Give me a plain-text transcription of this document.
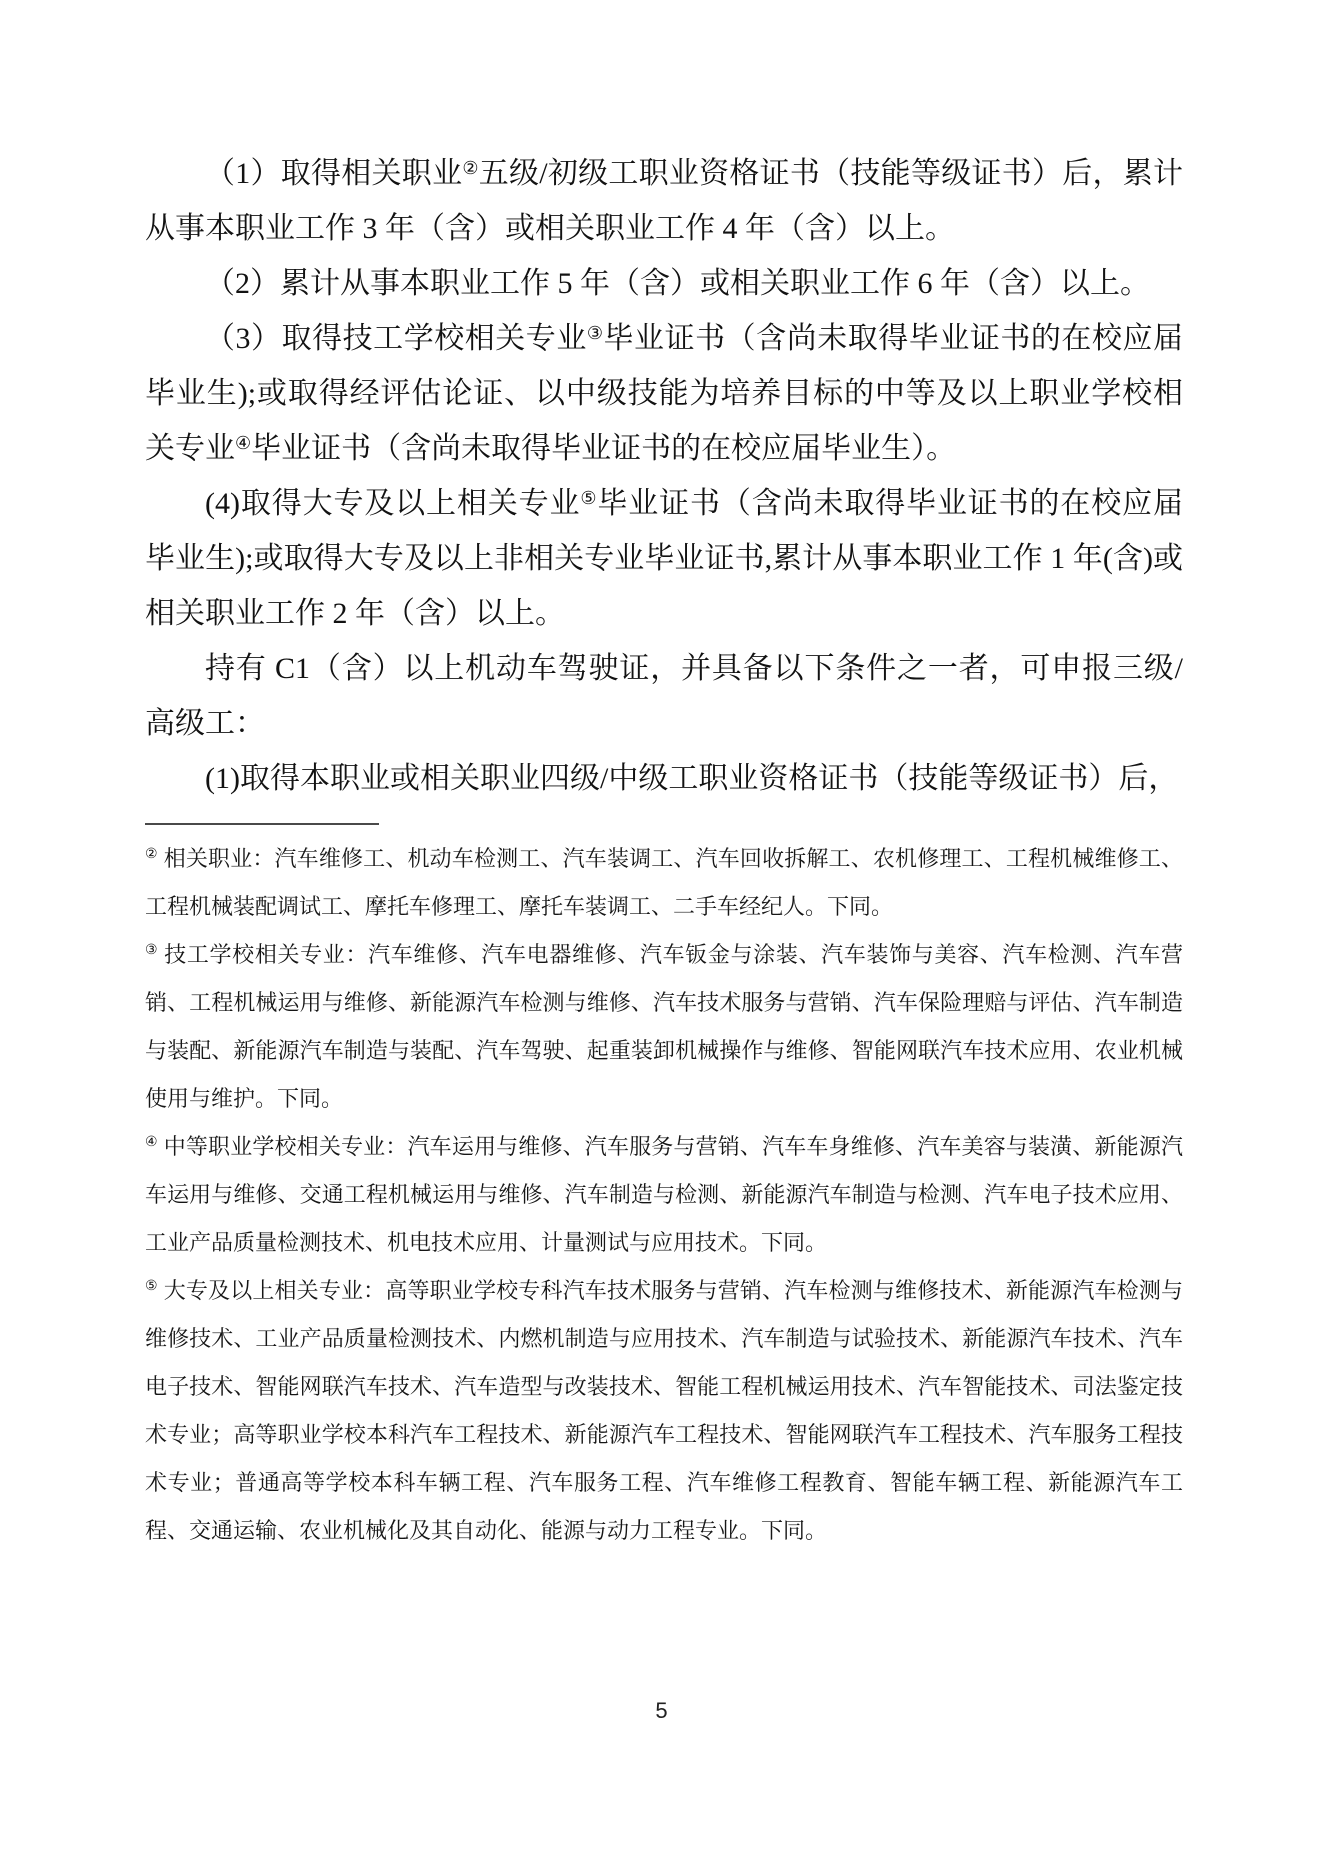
（1）取得相关职业②五级/初级工职业资格证书（技能等级证书）后，累计从事本职业工作 3 年（含）或相关职业工作 4 年（含）以上。

（2）累计从事本职业工作 5 年（含）或相关职业工作 6 年（含）以上。

（3）取得技工学校相关专业③毕业证书（含尚未取得毕业证书的在校应届毕业生);或取得经评估论证、以中级技能为培养目标的中等及以上职业学校相关专业④毕业证书（含尚未取得毕业证书的在校应届毕业生）。

(4)取得大专及以上相关专业⑤毕业证书（含尚未取得毕业证书的在校应届毕业生);或取得大专及以上非相关专业毕业证书,累计从事本职业工作 1 年(含)或相关职业工作 2 年（含）以上。

持有 C1（含）以上机动车驾驶证，并具备以下条件之一者，可申报三级/高级工：

(1)取得本职业或相关职业四级/中级工职业资格证书（技能等级证书）后，

② 相关职业：汽车维修工、机动车检测工、汽车装调工、汽车回收拆解工、农机修理工、工程机械维修工、工程机械装配调试工、摩托车修理工、摩托车装调工、二手车经纪人。下同。

③ 技工学校相关专业：汽车维修、汽车电器维修、汽车钣金与涂装、汽车装饰与美容、汽车检测、汽车营销、工程机械运用与维修、新能源汽车检测与维修、汽车技术服务与营销、汽车保险理赔与评估、汽车制造与装配、新能源汽车制造与装配、汽车驾驶、起重装卸机械操作与维修、智能网联汽车技术应用、农业机械使用与维护。下同。

④ 中等职业学校相关专业：汽车运用与维修、汽车服务与营销、汽车车身维修、汽车美容与装潢、新能源汽车运用与维修、交通工程机械运用与维修、汽车制造与检测、新能源汽车制造与检测、汽车电子技术应用、工业产品质量检测技术、机电技术应用、计量测试与应用技术。下同。

⑤ 大专及以上相关专业：高等职业学校专科汽车技术服务与营销、汽车检测与维修技术、新能源汽车检测与维修技术、工业产品质量检测技术、内燃机制造与应用技术、汽车制造与试验技术、新能源汽车技术、汽车电子技术、智能网联汽车技术、汽车造型与改装技术、智能工程机械运用技术、汽车智能技术、司法鉴定技术专业；高等职业学校本科汽车工程技术、新能源汽车工程技术、智能网联汽车工程技术、汽车服务工程技术专业；普通高等学校本科车辆工程、汽车服务工程、汽车维修工程教育、智能车辆工程、新能源汽车工程、交通运输、农业机械化及其自动化、能源与动力工程专业。下同。

5
